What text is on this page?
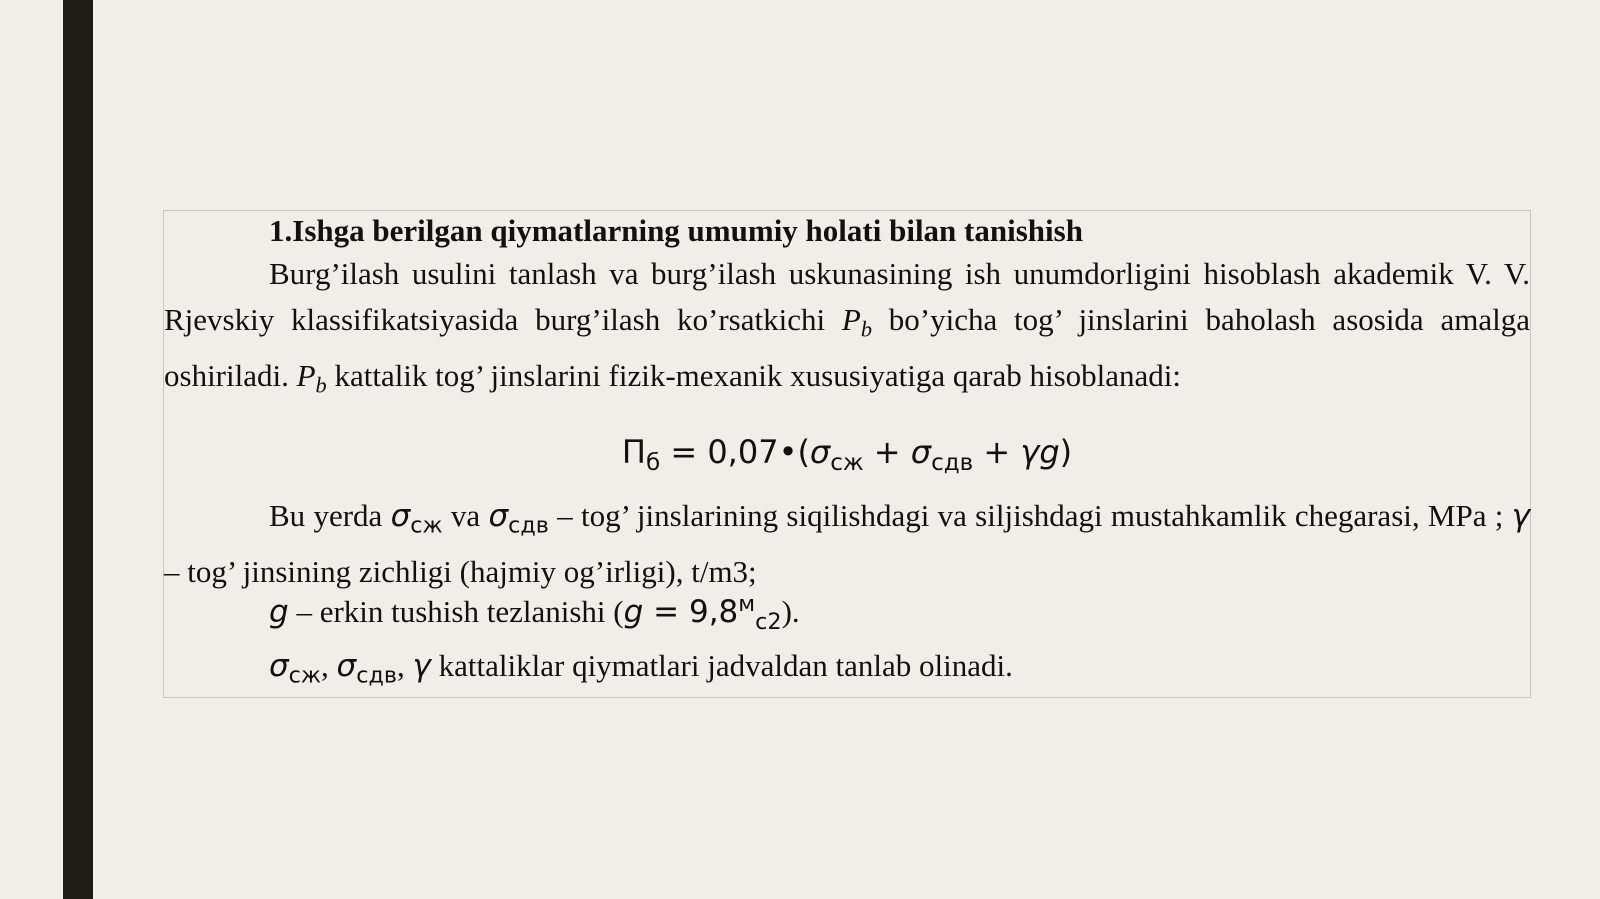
1.Ishga berilgan qiymatlarning umumiy holati bilan tanishish
Burg’ilash usulini tanlash va burg’ilash uskunasining ish unumdorligini hisoblash akademik V. V. Rjevskiy klassifikatsiyasida burg’ilash ko’rsatkichi $P_b$ bo’yicha tog’ jinslarini baholash asosida amalga oshiriladi. $P_b$ kattalik tog’ jinslarini fizik-mexanik xususiyatiga qarab hisoblanadi:
$П_б$ = $0,07•(\sigma_{сж} + \sigma_{сдв} + \gamma g)$
Bu yerda $\sigma_{сж}$ va $\sigma_{сдв}$ – tog’ jinslarining siqilishdagi va siljishdagi mustahkamlik chegarasi, MPa ; γ – tog’ jinsining zichligi (hajmiy og’irligi), t/m3;
g – erkin tushish tezlanishi $(g = 9,8^м_{с2})$.
$\sigma_{сж}$, $\sigma_{сдв}$, γ kattaliklar qiymatlari jadvaldan tanlab olinadi.
